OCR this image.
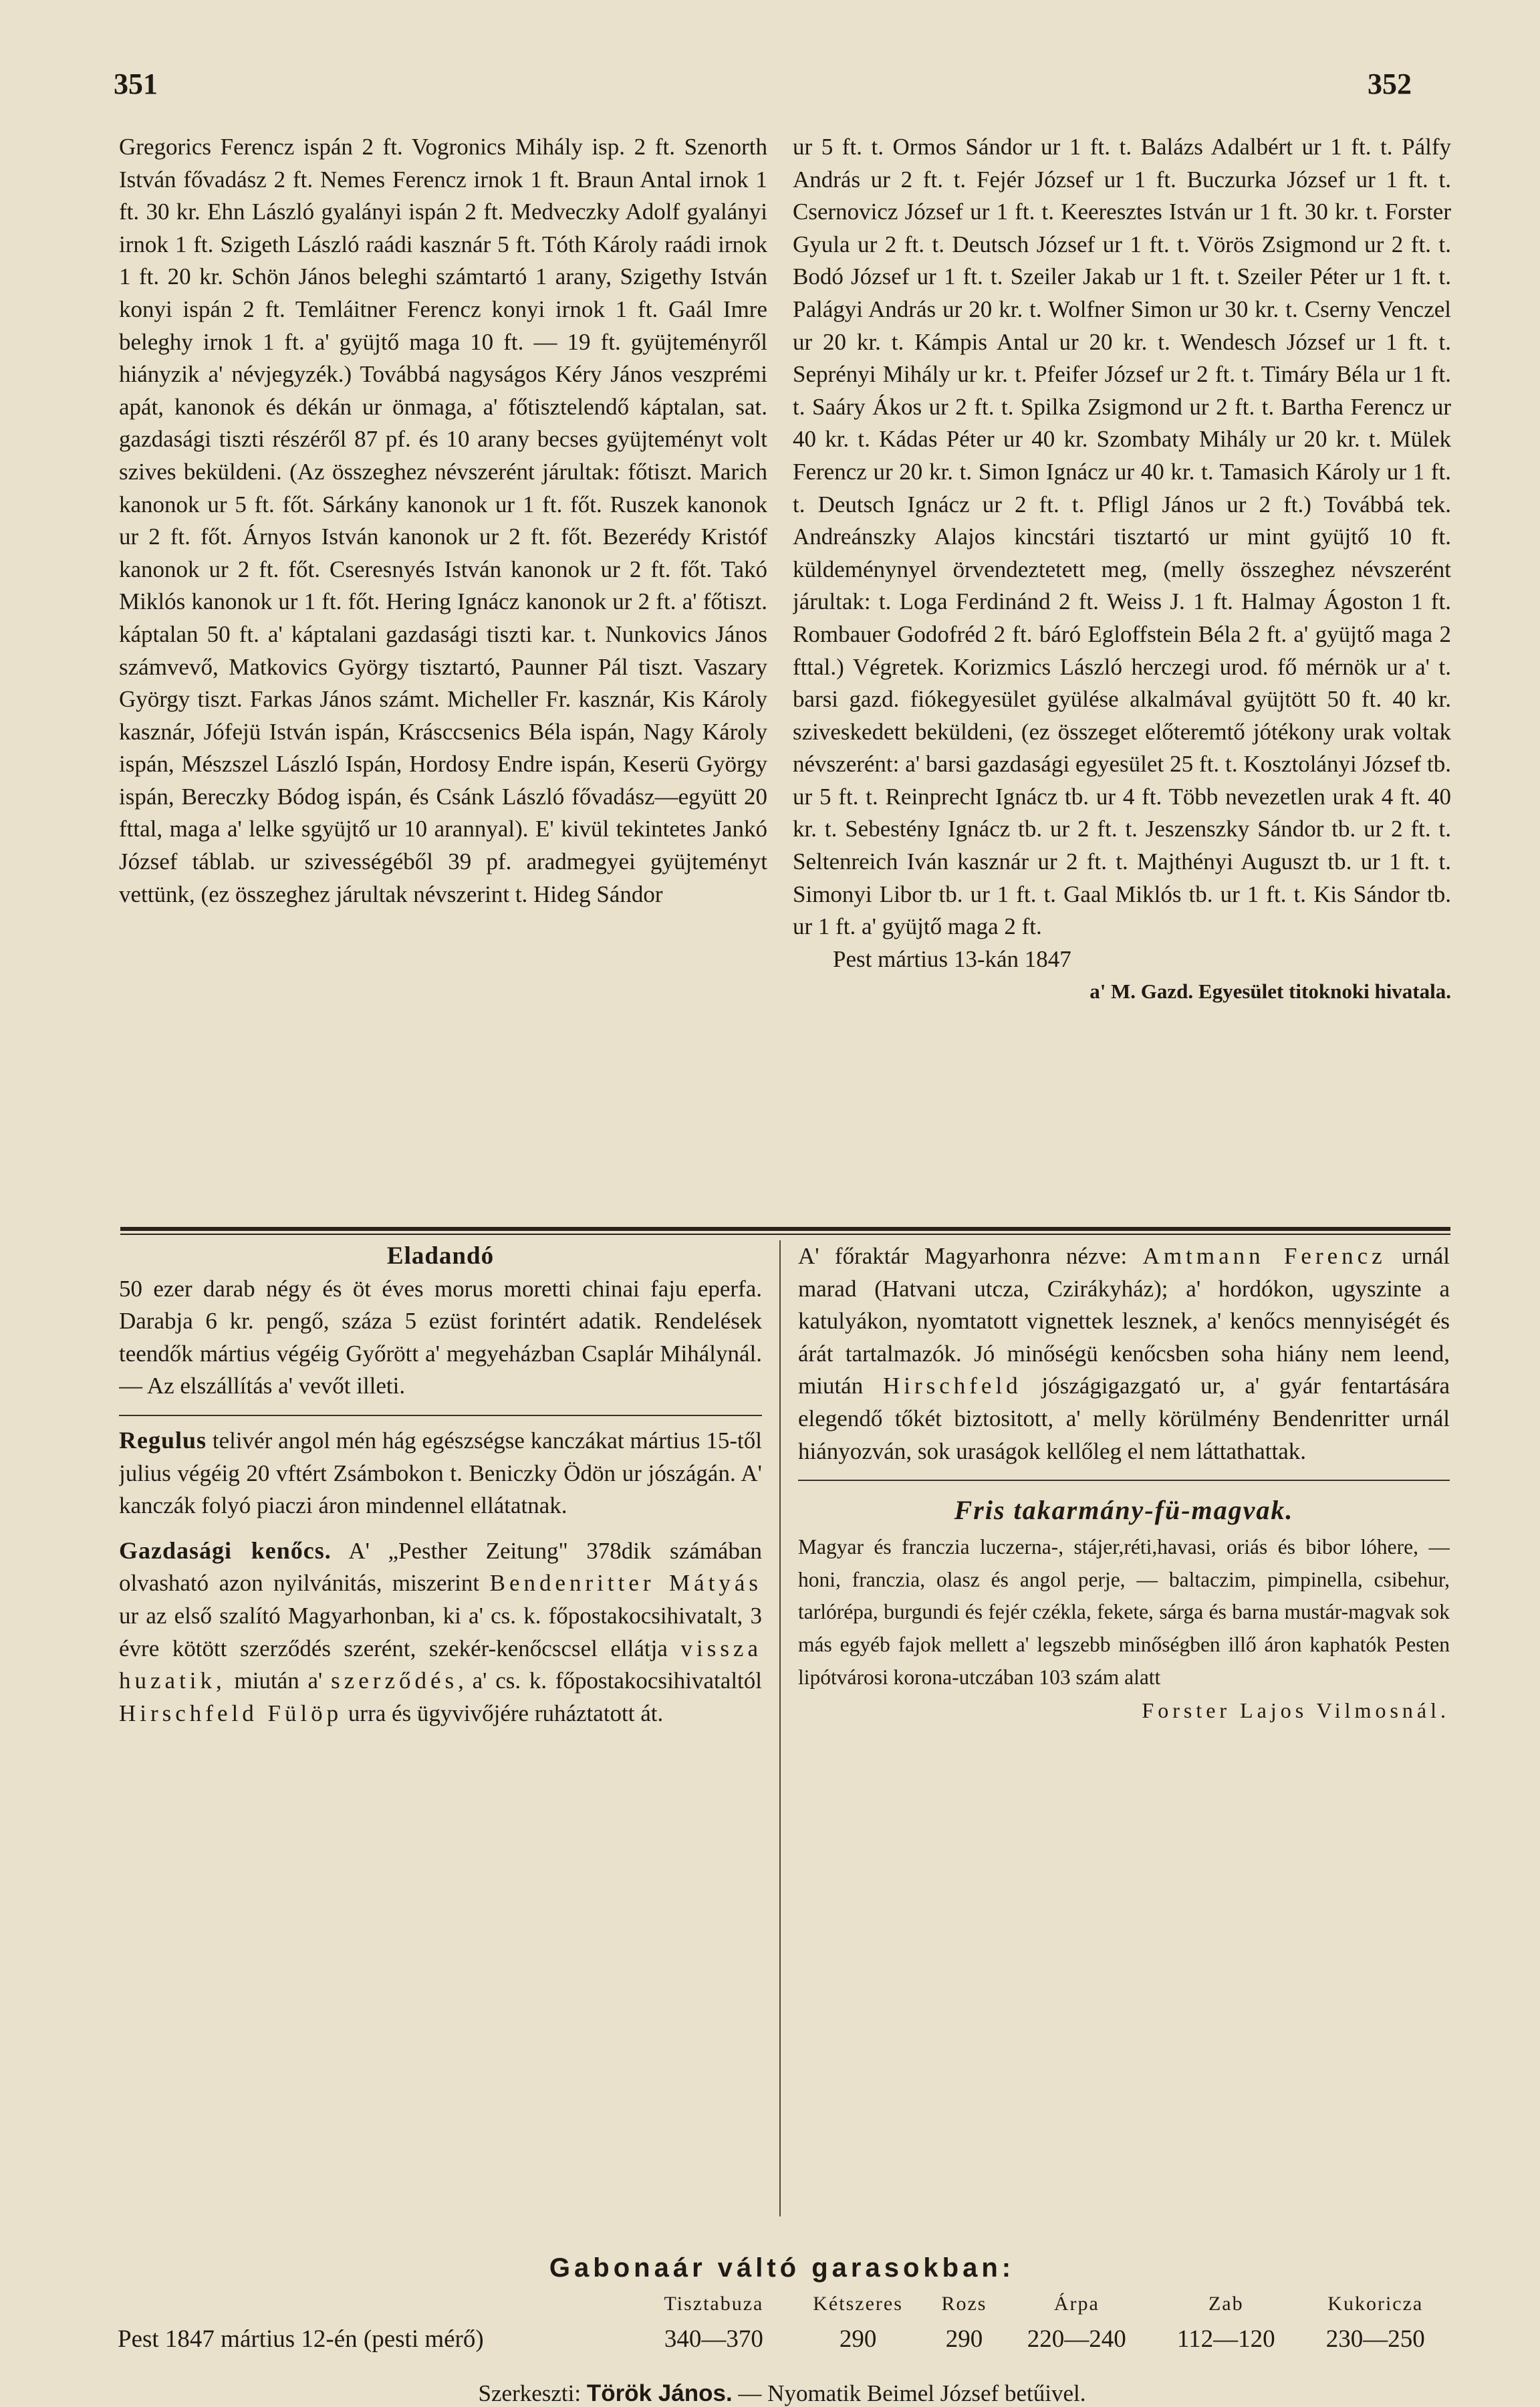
351	352

Gregorics Ferencz ispán 2 ft. Vogronics Mihály isp. 2 ft. Szenorth István fővadász 2 ft. Nemes Ferencz irnok 1 ft. Braun Antal irnok 1 ft. 30 kr. Ehn László gyalányi ispán 2 ft. Medveczky Adolf gyalányi irnok 1 ft. Szigeth László raádi kasznár 5 ft. Tóth Károly raádi irnok 1 ft. 20 kr. Schön János beleghi számtartó 1 arany, Szigethy István konyi ispán 2 ft. Temláitner Ferencz konyi irnok 1 ft. Gaál Imre beleghy irnok 1 ft. a' gyüjtő maga 10 ft. — 19 ft. gyüjteményről hiányzik a' névjegyzék.) Továbbá nagyságos Kéry János veszprémi apát, kanonok és dékán ur önmaga, a' főtisztelendő káptalan, sat. gazdasági tiszti részéről 87 pf. és 10 arany becses gyüjteményt volt szives beküldeni. (Az összeghez névszerént járultak: főtiszt. Marich kanonok ur 5 ft. főt. Sárkány kanonok ur 1 ft. főt. Ruszek kanonok ur 2 ft. főt. Árnyos István kanonok ur 2 ft. főt. Bezerédy Kristóf kanonok ur 2 ft. főt. Cseresnyés István kanonok ur 2 ft. főt. Takó Miklós kanonok ur 1 ft. főt. Hering Ignácz kanonok ur 2 ft. a' főtiszt. káptalan 50 ft. a' káptalani gazdasági tiszti kar. t. Nunkovics János számvevő, Matkovics György tisztartó, Paunner Pál tiszt. Vaszary György tiszt. Farkas János számt. Micheller Fr. kasznár, Kis Károly kasznár, Jófejü István ispán, Krásccsenics Béla ispán, Nagy Károly ispán, Mészszel László Ispán, Hordosy Endre ispán, Keserü György ispán, Bereczky Bódog ispán, és Csánk László fővadász—együtt 20 fttal, maga a' lelke sgyüjtő ur 10 arannyal). E' kivül tekintetes Jankó József táblab. ur szivességéből 39 pf. aradmegyei gyüjteményt vettünk, (ez összeghez járultak névszerint t. Hideg Sándor

ur 5 ft. t. Ormos Sándor ur 1 ft. t. Balázs Adalbért ur 1 ft. t. Pálfy András ur 2 ft. t. Fejér József ur 1 ft. Buczurka József ur 1 ft. t. Csernovicz József ur 1 ft. t. Keeresztes István ur 1 ft. 30 kr. t. Forster Gyula ur 2 ft. t. Deutsch József ur 1 ft. t. Vörös Zsigmond ur 2 ft. t. Bodó József ur 1 ft. t. Szeiler Jakab ur 1 ft. t. Szeiler Péter ur 1 ft. t. Palágyi András ur 20 kr. t. Wolfner Simon ur 30 kr. t. Cserny Venczel ur 20 kr. t. Kámpis Antal ur 20 kr. t. Wendesch József ur 1 ft. t. Seprényi Mihály ur kr. t. Pfeifer József ur 2 ft. t. Timáry Béla ur 1 ft. t. Saáry Ákos ur 2 ft. t. Spilka Zsigmond ur 2 ft. t. Bartha Ferencz ur 40 kr. t. Kádas Péter ur 40 kr. Szombaty Mihály ur 20 kr. t. Mülek Ferencz ur 20 kr. t. Simon Ignácz ur 40 kr. t. Tamasich Károly ur 1 ft. t. Deutsch Ignácz ur 2 ft. t. Pfligl János ur 2 ft.) Továbbá tek. Andreánszky Alajos kincstári tisztartó ur mint gyüjtő 10 ft. küldeménynyel örvendeztetett meg, (melly összeghez névszerént járultak: t. Loga Ferdinánd 2 ft. Weiss J. 1 ft. Halmay Ágoston 1 ft. Rombauer Godofréd 2 ft. báró Egloffstein Béla 2 ft. a' gyüjtő maga 2 fttal.) Végretek. Korizmics László herczegi urod. fő mérnök ur a' t. barsi gazd. fiókegyesület gyülése alkalmával gyüjtött 50 ft. 40 kr. sziveskedett beküldeni, (ez összeget előteremtő jótékony urak voltak névszerént: a' barsi gazdasági egyesület 25 ft. t. Kosztolányi József tb. ur 5 ft. t. Reinprecht Ignácz tb. ur 4 ft. Több nevezetlen urak 4 ft. 40 kr. t. Sebestény Ignácz tb. ur 2 ft. t. Jeszenszky Sándor tb. ur 2 ft. t. Seltenreich Iván kasznár ur 2 ft. t. Majthényi Auguszt tb. ur 1 ft. t. Simonyi Libor tb. ur 1 ft. t. Gaal Miklós tb. ur 1 ft. t. Kis Sándor tb. ur 1 ft. a' gyüjtő maga 2 ft.

Pest mártius 13-kán 1847

a' M. Gazd. Egyesület titoknoki hivatala.

Eladandó

50 ezer darab négy és öt éves morus moretti chinai faju eperfa. Darabja 6 kr. pengő, száza 5 ezüst forintért adatik. Rendelések teendők mártius végéig Győrött a' megyeházban Csaplár Mihálynál.— Az elszállítás a' vevőt illeti.

Regulus telivér angol mén hág egészségse kanczákat mártius 15-től julius végéig 20 vftért Zsámbokon t. Beniczky Ödön ur jószágán. A' kanczák folyó piaczi áron mindennel ellátatnak.

Gazdasági kenőcs. A' „Pesther Zeitung" 378dik számában olvasható azon nyilvánitás, miszerint Bendenritter Mátyás ur az első szalító Magyarhonban, ki a' cs. k. főpostakocsihivatalt, 3 évre kötött szerződés szerént, szekér-kenőcscsel ellátja vissza huzatik, miután a' szerződés, a' cs. k. főpostakocsihivataltól Hirschfeld Fülöp urra és ügyvivőjére ruháztatott át.

A' főraktár Magyarhonra nézve: Amtmann Ferencz urnál marad (Hatvani utcza, Czirákyház); a' hordókon, ugyszinte a katulyákon, nyomtatott vignettek lesznek, a' kenőcs mennyiségét és árát tartalmazók. Jó minőségü kenőcsben soha hiány nem leend, miután Hirschfeld jószágigazgató ur, a' gyár fentartására elegendő tőkét biztositott, a' melly körülmény Bendenritter urnál hiányozván, sok uraságok kellőleg el nem láttathattak.

Fris takarmány-fü-magvak.

Magyar és franczia luczerna-, stájer,réti,havasi, oriás és bibor lóhere, — honi, franczia, olasz és angol perje, — baltaczim, pimpinella, csibehur, tarlórépa, burgundi és fejér czékla, fekete, sárga és barna mustár-magvak sok más egyéb fajok mellett a' legszebb minőségben illő áron kaphatók Pesten lipótvárosi korona-utczában 103 szám alatt

Forster Lajos Vilmosnál.

Gabonaár váltó garasokban:
	Tisztabuza	Kétszeres	Rozs	Árpa	Zab	Kukoricza
Pest 1847 mártius 12-én (pesti mérő)	340—370	290	290	220—240	112—120	230—250
Szerkeszti: Török János. — Nyomatik Beimel József betűivel.
